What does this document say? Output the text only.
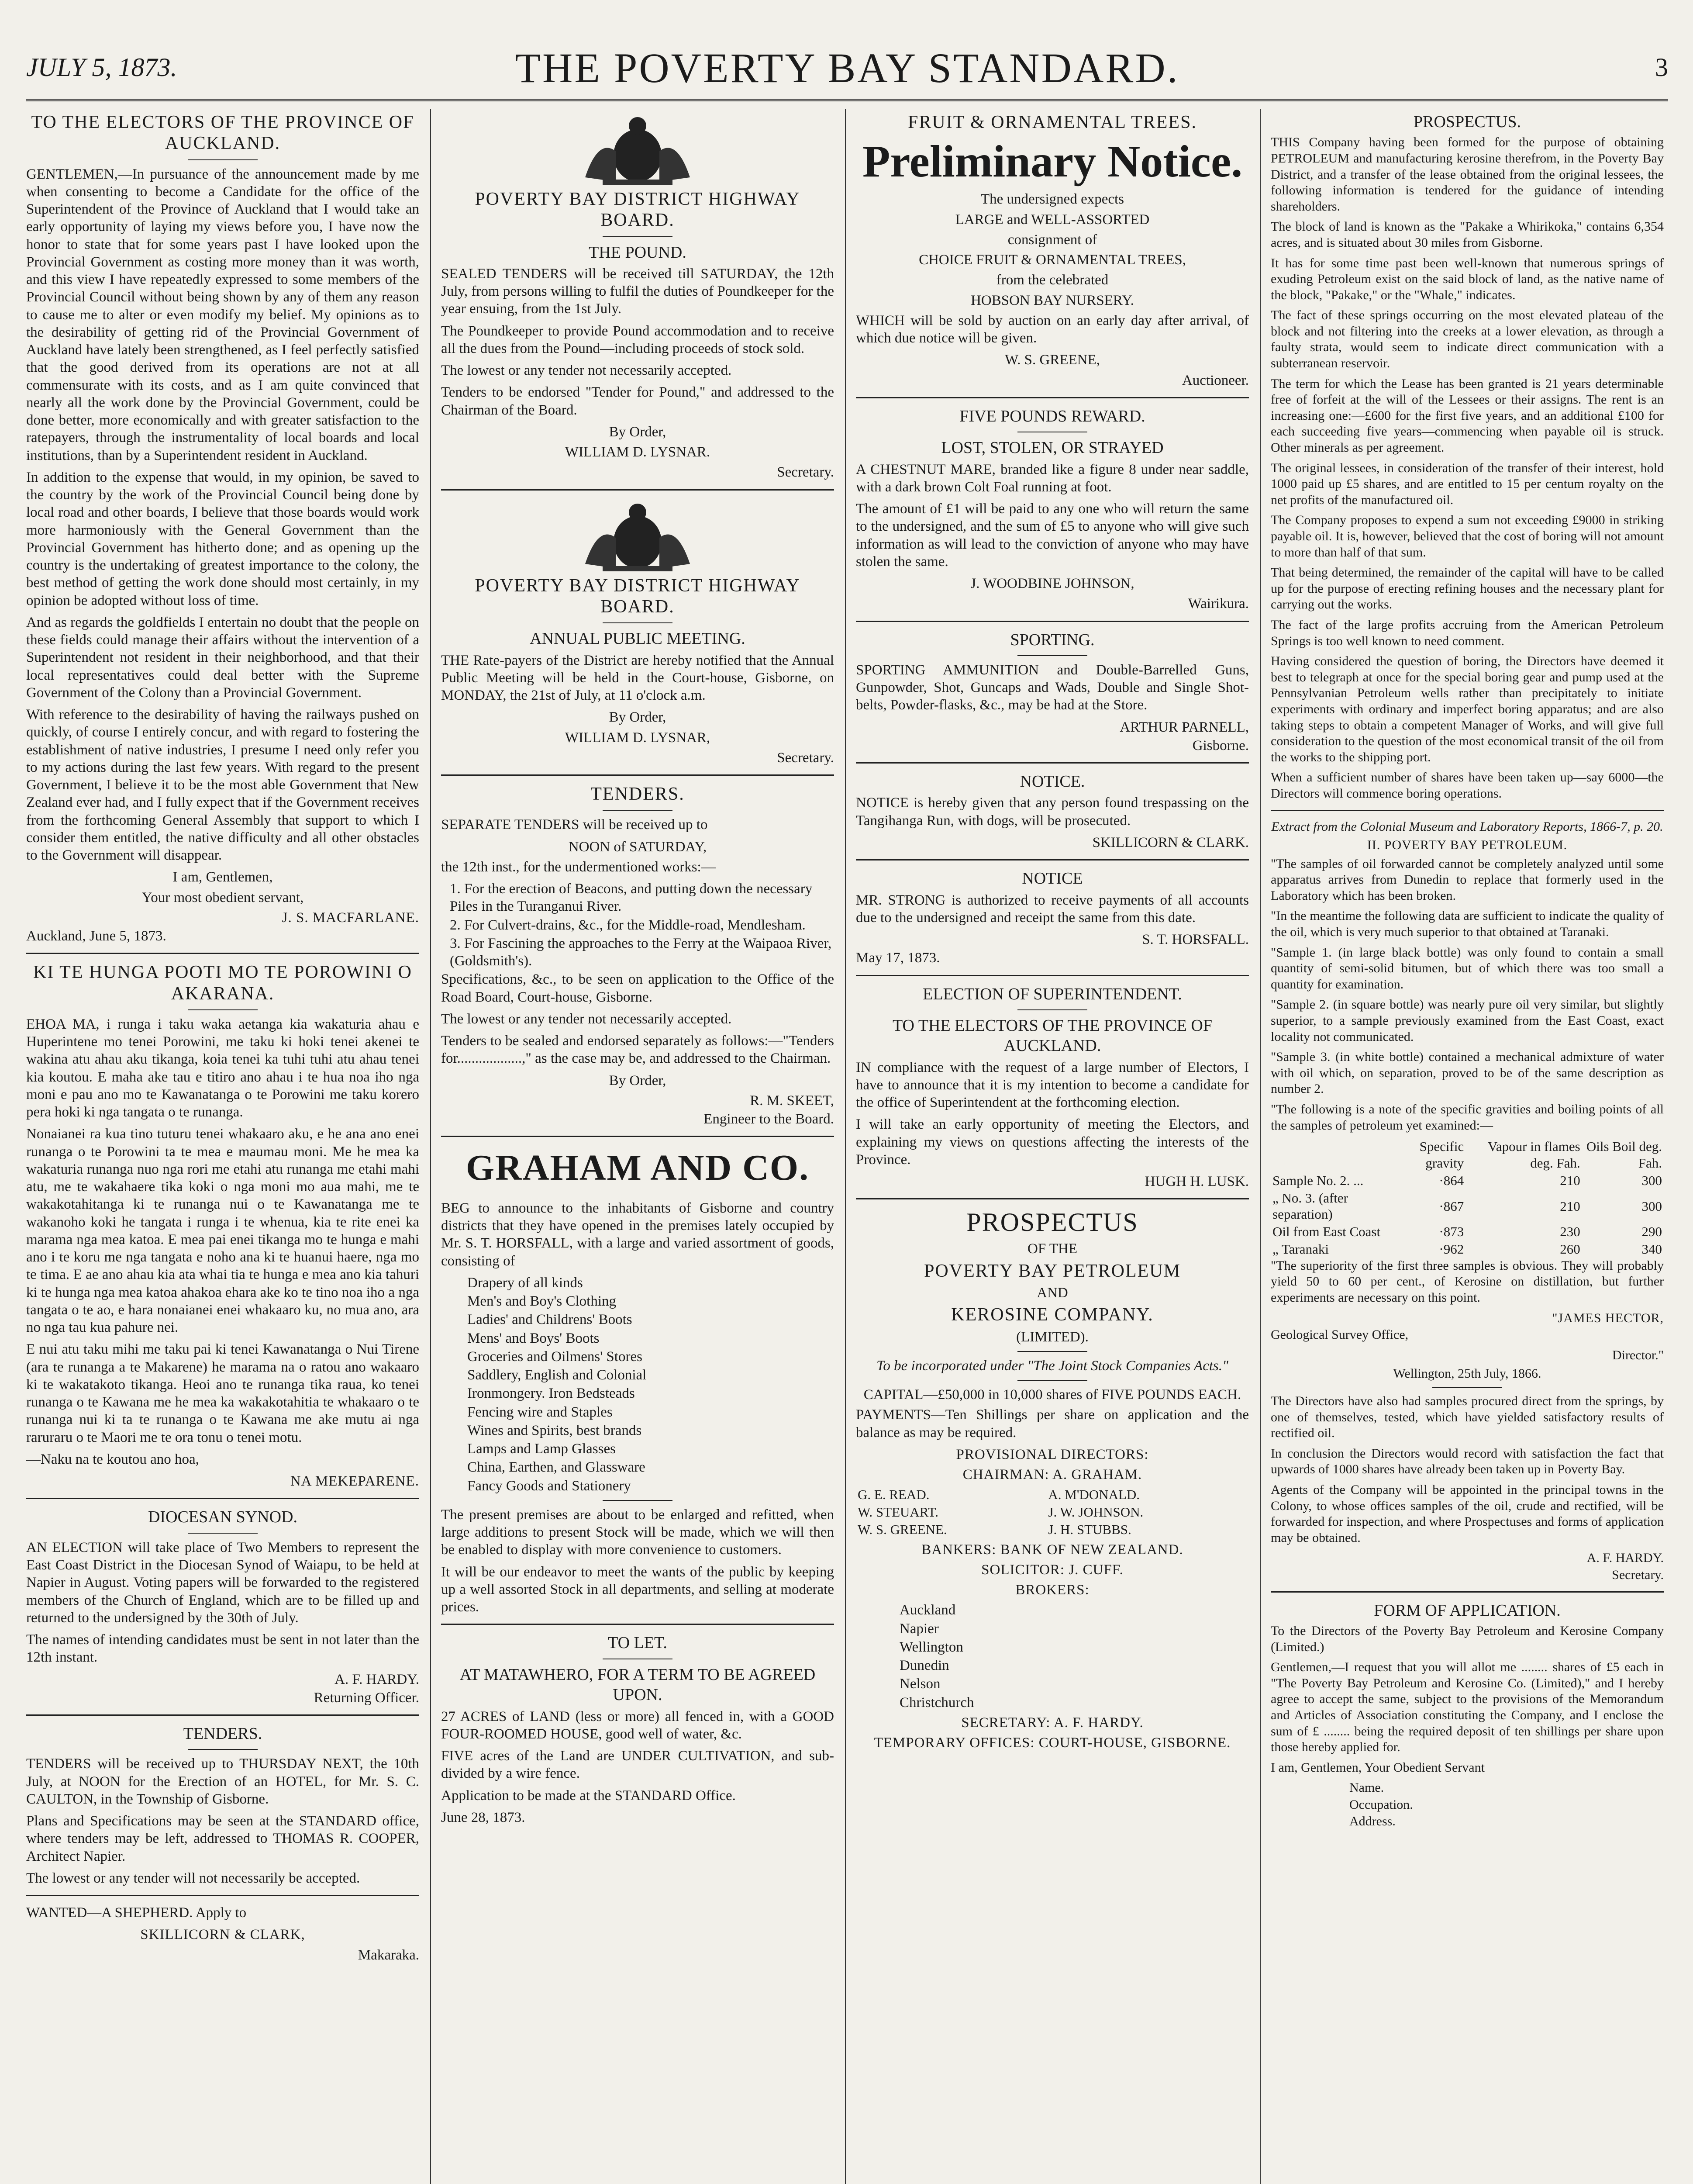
JULY 5, 1873.	THE POVERTY BAY STANDARD.	3
TO THE ELECTORS OF THE PROVINCE OF AUCKLAND.

GENTLEMEN,—In pursuance of the announcement made by me when consenting to become a Candidate for the office of the Superintendent of the Province of Auckland that I would take an early opportunity of laying my views before you, I have now the honor to state that for some years past I have looked upon the Provincial Government as costing more money than it was worth, and this view I have repeatedly expressed to some members of the Provincial Council without being shown by any of them any reason to cause me to alter or even modify my belief. My opinions as to the desirability of getting rid of the Provincial Government of Auckland have lately been strengthened, as I feel perfectly satisfied that the good derived from its operations are not at all commensurate with its costs, and as I am quite convinced that nearly all the work done by the Provincial Government, could be done better, more economically and with greater satisfaction to the ratepayers, through the instrumentality of local boards and local institutions, than by a Superintendent resident in Auckland.

In addition to the expense that would, in my opinion, be saved to the country by the work of the Provincial Council being done by local road and other boards, I believe that those boards would work more harmoniously with the General Government than the Provincial Government has hitherto done; and as opening up the country is the undertaking of greatest importance to the colony, the best method of getting the work done should most certainly, in my opinion be adopted without loss of time.

And as regards the goldfields I entertain no doubt that the people on these fields could manage their affairs without the intervention of a Superintendent not resident in their neighborhood, and that their local representatives could deal better with the Supreme Government of the Colony than a Provincial Government.

With reference to the desirability of having the railways pushed on quickly, of course I entirely concur, and with regard to fostering the establishment of native industries, I presume I need only refer you to my actions during the last few years. With regard to the present Government, I believe it to be the most able Government that New Zealand ever had, and I fully expect that if the Government receives from the forthcoming General Assembly that support to which I consider them entitled, the native difficulty and all other obstacles to the Government will disappear.

I am, Gentlemen,

Your most obedient servant,

J. S. MACFARLANE.

Auckland, June 5, 1873.

KI TE HUNGA POOTI MO TE POROWINI O AKARANA.

EHOA MA, i runga i taku waka aetanga kia wakaturia ahau e Huperintene mo tenei Porowini, me taku ki hoki tenei akenei te wakina atu ahau aku tikanga, koia tenei ka tuhi tuhi atu ahau tenei kia koutou. E maha ake tau e titiro ano ahau i te hua noa iho nga moni e pau ano mo te Kawanatanga o te Porowini me taku korero pera hoki ki nga tangata o te runanga.

Nonaianei ra kua tino tuturu tenei whakaaro aku, e he ana ano enei runanga o te Porowini ta te mea e maumau moni. Me he mea ka wakaturia runanga nuo nga rori me etahi atu runanga me etahi mahi atu, me te wakahaere tika koki o nga moni mo aua mahi, me te wakakotahitanga ki te runanga nui o te Kawanatanga me te wakanoho koki he tangata i runga i te whenua, kia te rite enei ka marama nga mea katoa. E mea pai enei tikanga mo te hunga e mahi ano i te koru me nga tangata e noho ana ki te huanui haere, nga mo te tima. E ae ano ahau kia ata whai tia te hunga e mea ano kia tahuri ki te hunga nga mea katoa ahakoa ehara ake ko te tino noa iho a nga tangata o te ao, e hara nonaianei enei whakaaro ku, no mua ano, ara no nga tau kua pahure nei.

E nui atu taku mihi me taku pai ki tenei Kawanatanga o Nui Tirene (ara te runanga a te Makarene) he marama na o ratou ano wakaaro ki te wakatakoto tikanga. Heoi ano te runanga tika raua, ko tenei runanga o te Kawana me he mea ka wakakotahitia te whakaaro o te runanga nui ki ta te runanga o te Kawana me ake mutu ai nga raruraru o te Maori me te ora tonu o tenei motu.

—Naku na te koutou ano hoa,

NA MEKEPARENE.

DIOCESAN SYNOD.

AN ELECTION will take place of Two Members to represent the East Coast District in the Diocesan Synod of Waiapu, to be held at Napier in August. Voting papers will be forwarded to the registered members of the Church of England, which are to be filled up and returned to the undersigned by the 30th of July.

The names of intending candidates must be sent in not later than the 12th instant.

A. F. HARDY.

Returning Officer.

TENDERS.

TENDERS will be received up to THURSDAY NEXT, the 10th July, at NOON for the Erection of an HOTEL, for Mr. S. C. CAULTON, in the Township of Gisborne.

Plans and Specifications may be seen at the STANDARD office, where tenders may be left, addressed to THOMAS R. COOPER, Architect Napier.

The lowest or any tender will not necessarily be accepted.

WANTED—A SHEPHERD. Apply to

SKILLICORN & CLARK,

Makaraka.

POVERTY BAY DISTRICT HIGHWAY BOARD.
THE POUND.

SEALED TENDERS will be received till SATURDAY, the 12th July, from persons willing to fulfil the duties of Poundkeeper for the year ensuing, from the 1st July.

The Poundkeeper to provide Pound accommodation and to receive all the dues from the Pound—including proceeds of stock sold.

The lowest or any tender not necessarily accepted.

Tenders to be endorsed "Tender for Pound," and addressed to the Chairman of the Board.

By Order,

WILLIAM D. LYSNAR.

Secretary.

POVERTY BAY DISTRICT HIGHWAY BOARD.
ANNUAL PUBLIC MEETING.

THE Rate-payers of the District are hereby notified that the Annual Public Meeting will be held in the Court-house, Gisborne, on MONDAY, the 21st of July, at 11 o'clock a.m.

By Order,

WILLIAM D. LYSNAR,

Secretary.

TENDERS.

SEPARATE TENDERS will be received up to

NOON of SATURDAY,

the 12th inst., for the undermentioned works:—

1. For the erection of Beacons, and putting down the necessary Piles in the Turanganui River.
2. For Culvert-drains, &c., for the Middle-road, Mendlesham.
3. For Fascining the approaches to the Ferry at the Waipaoa River, (Goldsmith's).

Specifications, &c., to be seen on application to the Office of the Road Board, Court-house, Gisborne.

The lowest or any tender not necessarily accepted.

Tenders to be sealed and endorsed separately as follows:—"Tenders for..................," as the case may be, and addressed to the Chairman.

By Order,

R. M. SKEET,

Engineer to the Board.

GRAHAM AND CO.

BEG to announce to the inhabitants of Gisborne and country districts that they have opened in the premises lately occupied by Mr. S. T. HORSFALL, with a large and varied assortment of goods, consisting of

Drapery of all kinds
Men's and Boy's Clothing
Ladies' and Childrens' Boots
Mens' and Boys' Boots
Groceries and Oilmens' Stores
Saddlery, English and Colonial
Ironmongery. Iron Bedsteads
Fencing wire and Staples
Wines and Spirits, best brands
Lamps and Lamp Glasses
China, Earthen, and Glassware
Fancy Goods and Stationery

The present premises are about to be enlarged and refitted, when large additions to present Stock will be made, which we will then be enabled to display with more convenience to customers.

It will be our endeavor to meet the wants of the public by keeping up a well assorted Stock in all departments, and selling at moderate prices.

TO LET.
AT MATAWHERO, FOR A TERM TO BE AGREED UPON.

27 ACRES of LAND (less or more) all fenced in, with a GOOD FOUR-ROOMED HOUSE, good well of water, &c.

FIVE acres of the Land are UNDER CULTIVATION, and sub-divided by a wire fence.

Application to be made at the STANDARD Office.

June 28, 1873.

FRUIT & ORNAMENTAL TREES.
Preliminary Notice.

The undersigned expects

LARGE and WELL-ASSORTED

consignment of

CHOICE FRUIT & ORNAMENTAL TREES,

from the celebrated

HOBSON BAY NURSERY.

WHICH will be sold by auction on an early day after arrival, of which due notice will be given.

W. S. GREENE,

Auctioneer.

FIVE POUNDS REWARD.
LOST, STOLEN, OR STRAYED

A CHESTNUT MARE, branded like a figure 8 under near saddle, with a dark brown Colt Foal running at foot.

The amount of £1 will be paid to any one who will return the same to the undersigned, and the sum of £5 to anyone who will give such information as will lead to the conviction of anyone who may have stolen the same.

J. WOODBINE JOHNSON,

Wairikura.

SPORTING.

SPORTING AMMUNITION and Double-Barrelled Guns, Gunpowder, Shot, Guncaps and Wads, Double and Single Shot-belts, Powder-flasks, &c., may be had at the Store.

ARTHUR PARNELL,

Gisborne.

NOTICE.

NOTICE is hereby given that any person found trespassing on the Tangihanga Run, with dogs, will be prosecuted.

SKILLICORN & CLARK.

NOTICE

MR. STRONG is authorized to receive payments of all accounts due to the undersigned and receipt the same from this date.

S. T. HORSFALL.

May 17, 1873.

ELECTION OF SUPERINTENDENT.
TO THE ELECTORS OF THE PROVINCE OF AUCKLAND.

IN compliance with the request of a large number of Electors, I have to announce that it is my intention to become a candidate for the office of Superintendent at the forthcoming election.

I will take an early opportunity of meeting the Electors, and explaining my views on questions affecting the interests of the Province.

HUGH H. LUSK.

PROSPECTUS

OF THE

POVERTY BAY PETROLEUM

AND

KEROSINE COMPANY.

(LIMITED).

To be incorporated under "The Joint Stock Companies Acts."

CAPITAL—£50,000 in 10,000 shares of FIVE POUNDS EACH.

PAYMENTS—Ten Shillings per share on application and the balance as may be required.

PROVISIONAL DIRECTORS:

CHAIRMAN: A. GRAHAM.

G. E. READ.	A. M'DONALD.
W. STEUART.	J. W. JOHNSON.
W. S. GREENE.	J. H. STUBBS.

BANKERS: BANK OF NEW ZEALAND.

SOLICITOR: J. CUFF.

BROKERS:

Auckland
Napier
Wellington
Dunedin
Nelson
Christchurch

SECRETARY: A. F. HARDY.

TEMPORARY OFFICES: COURT-HOUSE, GISBORNE.

PROSPECTUS.

THIS Company having been formed for the purpose of obtaining PETROLEUM and manufacturing kerosine therefrom, in the Poverty Bay District, and a transfer of the lease obtained from the original lessees, the following information is tendered for the guidance of intending shareholders.

The block of land is known as the "Pakake a Whirikoka," contains 6,354 acres, and is situated about 30 miles from Gisborne.

It has for some time past been well-known that numerous springs of exuding Petroleum exist on the said block of land, as the native name of the block, "Pakake," or the "Whale," indicates.

The fact of these springs occurring on the most elevated plateau of the block and not filtering into the creeks at a lower elevation, as through a faulty strata, would seem to indicate direct communication with a subterranean reservoir.

The term for which the Lease has been granted is 21 years determinable free of forfeit at the will of the Lessees or their assigns. The rent is an increasing one:—£600 for the first five years, and an additional £100 for each succeeding five years—commencing when payable oil is struck. Other minerals as per agreement.

The original lessees, in consideration of the transfer of their interest, hold 1000 paid up £5 shares, and are entitled to 15 per centum royalty on the net profits of the manufactured oil.

The Company proposes to expend a sum not exceeding £9000 in striking payable oil. It is, however, believed that the cost of boring will not amount to more than half of that sum.

That being determined, the remainder of the capital will have to be called up for the purpose of erecting refining houses and the necessary plant for carrying out the works.

The fact of the large profits accruing from the American Petroleum Springs is too well known to need comment.

Having considered the question of boring, the Directors have deemed it best to telegraph at once for the special boring gear and pump used at the Pennsylvanian Petroleum wells rather than precipitately to initiate experiments with ordinary and imperfect boring apparatus; and are also taking steps to obtain a competent Manager of Works, and will give full consideration to the question of the most economical transit of the oil from the works to the shipping port.

When a sufficient number of shares have been taken up—say 6000—the Directors will commence boring operations.

Extract from the Colonial Museum and Laboratory Reports, 1866-7, p. 20.

II. POVERTY BAY PETROLEUM.

"The samples of oil forwarded cannot be completely analyzed until some apparatus arrives from Dunedin to replace that formerly used in the Laboratory which has been broken.

"In the meantime the following data are sufficient to indicate the quality of the oil, which is very much superior to that obtained at Taranaki.

"Sample 1. (in large black bottle) was only found to contain a small quantity of semi-solid bitumen, but of which there was too small a quantity for examination.

"Sample 2. (in square bottle) was nearly pure oil very similar, but slightly superior, to a sample previously examined from the East Coast, exact locality not communicated.

"Sample 3. (in white bottle) contained a mechanical admixture of water with oil which, on separation, proved to be of the same description as number 2.

"The following is a note of the specific gravities and boiling points of all the samples of petroleum yet examined:—

	Specific gravity	Vapour in flames deg. Fah.	Oils Boil deg. Fah.
Sample No. 2. ...	·864	210	300
„ No. 3. (after separation)	·867	210	300
Oil from East Coast	·873	230	290
„ Taranaki	·962	260	340

"The superiority of the first three samples is obvious. They will probably yield 50 to 60 per cent., of Kerosine on distillation, but further experiments are necessary on this point.

"JAMES HECTOR,

Geological Survey Office,

Director."

Wellington, 25th July, 1866.

The Directors have also had samples procured direct from the springs, by one of themselves, tested, which have yielded satisfactory results of rectified oil.

In conclusion the Directors would record with satisfaction the fact that upwards of 1000 shares have already been taken up in Poverty Bay.

Agents of the Company will be appointed in the principal towns in the Colony, to whose offices samples of the oil, crude and rectified, will be forwarded for inspection, and where Prospectuses and forms of application may be obtained.

A. F. HARDY.

Secretary.

FORM OF APPLICATION.

To the Directors of the Poverty Bay Petroleum and Kerosine Company (Limited.)

Gentlemen,—I request that you will allot me ........ shares of £5 each in "The Poverty Bay Petroleum and Kerosine Co. (Limited)," and I hereby agree to accept the same, subject to the provisions of the Memorandum and Articles of Association constituting the Company, and I enclose the sum of £ ........ being the required deposit of ten shillings per share upon those hereby applied for.

I am, Gentlemen, Your Obedient Servant

Name.
Occupation.
Address.
